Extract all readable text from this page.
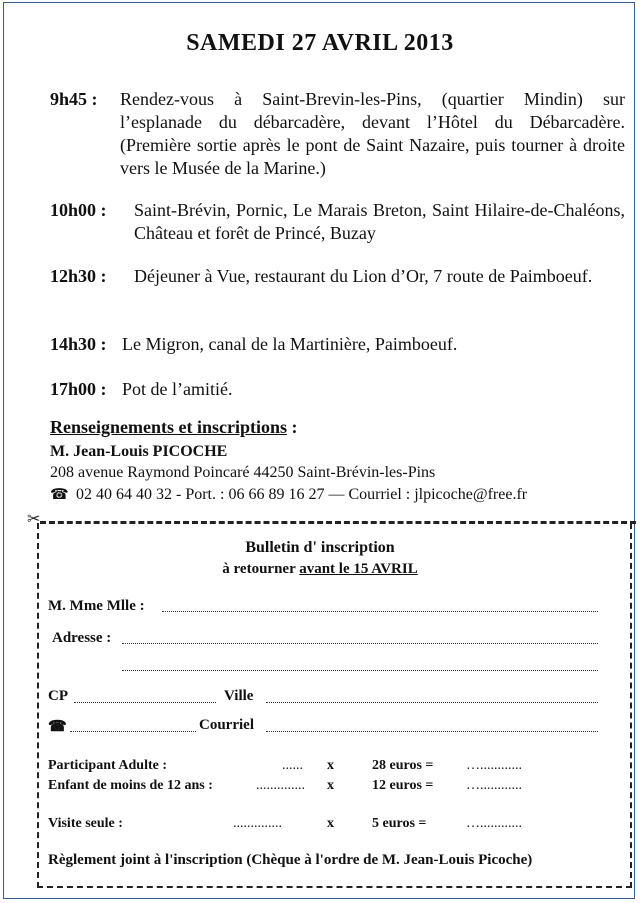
SAMEDI 27 AVRIL 2013
9h45 :	Rendez-vous à Saint-Brevin-les-Pins, (quartier Mindin) sur l’esplanade du débarcadère, devant l’Hôtel du Débarcadère. (Première sortie après le pont de Saint Nazaire, puis tourner à droite vers le Musée de la Marine.)
10h00 :	Saint-Brévin, Pornic, Le Marais Breton, Saint Hilaire-de-Chaléons, Château et forêt de Princé, Buzay
12h30 :	Déjeuner à Vue, restaurant du Lion d’Or, 7 route de Paimboeuf.
14h30 : Le Migron, canal de la Martinière, Paimboeuf.
17h00 : Pot de l’amitié.
Renseignements et inscriptions :
M. Jean-Louis PICOCHE
208 avenue Raymond Poincaré 44250 Saint-Brévin-les-Pins
☎ 02 40 64 40 32 - Port. : 06 66 89 16 27 — Courriel : jlpicoche@free.fr
✂
Bulletin d' inscription
à retourner avant le 15 AVRIL
M. Mme Mlle :
Adresse :
CP	Ville
☎	Courriel
Participant Adulte :	...... x	28 euros = …............
Enfant de moins de 12 ans :	.............. x	12 euros = …............
Visite seule :	..............	x	5 euros =	…............
Règlement joint à l'inscription (Chèque à l'ordre de M. Jean-Louis Picoche)
